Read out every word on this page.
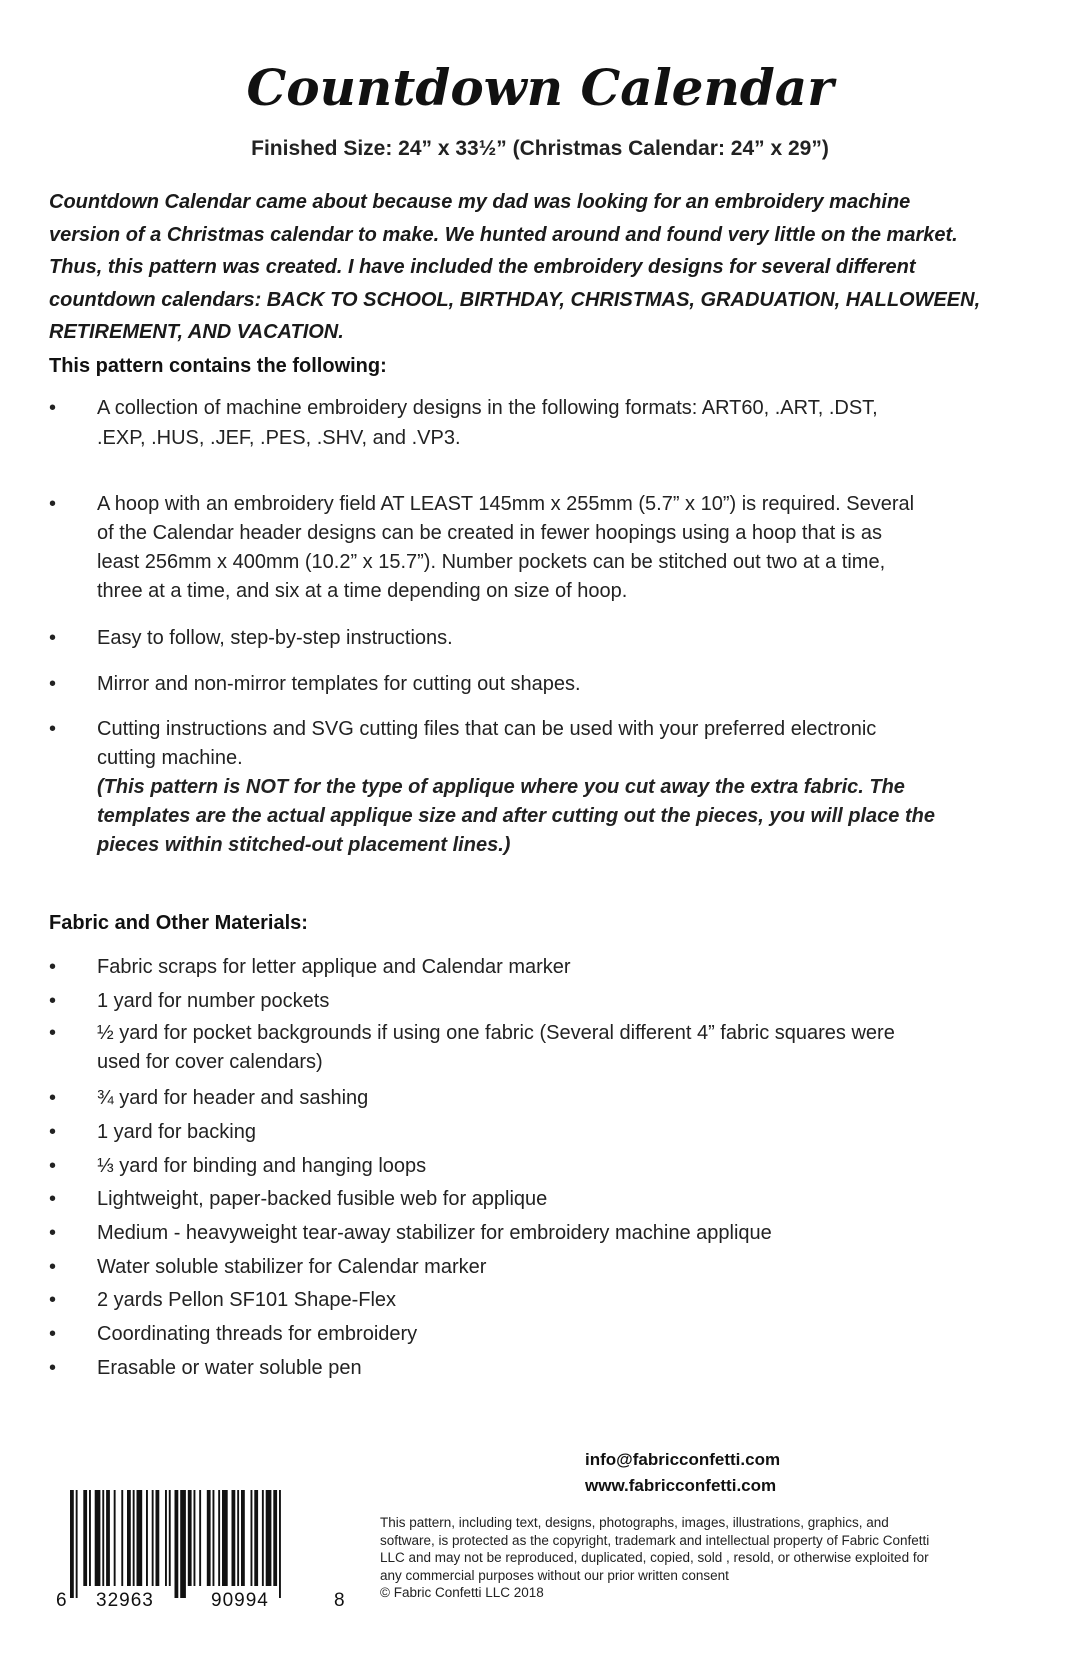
Countdown Calendar
Finished Size: 24” x 33½” (Christmas Calendar: 24” x 29”)
Countdown Calendar came about because my dad was looking for an embroidery machine
version of a Christmas calendar to make. We hunted around and found very little on the market.
Thus, this pattern was created. I have included the embroidery designs for several different
countdown calendars: BACK TO SCHOOL, BIRTHDAY, CHRISTMAS, GRADUATION, HALLOWEEN,
RETIREMENT, AND VACATION.
This pattern contains the following:
•	A collection of machine embroidery designs in the following formats: ART60, .ART, .DST,
.EXP, .HUS, .JEF, .PES, .SHV, and .VP3.
•	A hoop with an embroidery field AT LEAST 145mm x 255mm (5.7” x 10”) is required. Several
of the Calendar header designs can be created in fewer hoopings using a hoop that is as
least 256mm x 400mm (10.2” x 15.7”). Number pockets can be stitched out two at a time,
three at a time, and six at a time depending on size of hoop.
•	Easy to follow, step-by-step instructions.
•	Mirror and non-mirror templates for cutting out shapes.
•	Cutting instructions and SVG cutting files that can be used with your preferred electronic
cutting machine.
(This pattern is NOT for the type of applique where you cut away the extra fabric. The
templates are the actual applique size and after cutting out the pieces, you will place the
pieces within stitched-out placement lines.)
Fabric and Other Materials:
•	Fabric scraps for letter applique and Calendar marker
•	1 yard for number pockets
•	½ yard for pocket backgrounds if using one fabric (Several different 4” fabric squares were
used for cover calendars)
•	¾ yard for header and sashing
•	1 yard for backing
•	⅓ yard for binding and hanging loops
•	Lightweight, paper-backed fusible web for applique
•	Medium - heavyweight tear-away stabilizer for embroidery machine applique
•	Water soluble stabilizer for Calendar marker
•	2 yards Pellon SF101 Shape-Flex
•	Coordinating threads for embroidery
•	Erasable or water soluble pen
info@fabricconfetti.com
www.fabricconfetti.com
This pattern, including text, designs, photographs, images, illustrations, graphics, and
software, is protected as the copyright, trademark and intellectual property of Fabric Confetti
LLC and may not be reproduced, duplicated, copied, sold , resold, or otherwise exploited for
any commercial purposes without our prior written consent
© Fabric Confetti LLC 2018
6 32963	90994	8
